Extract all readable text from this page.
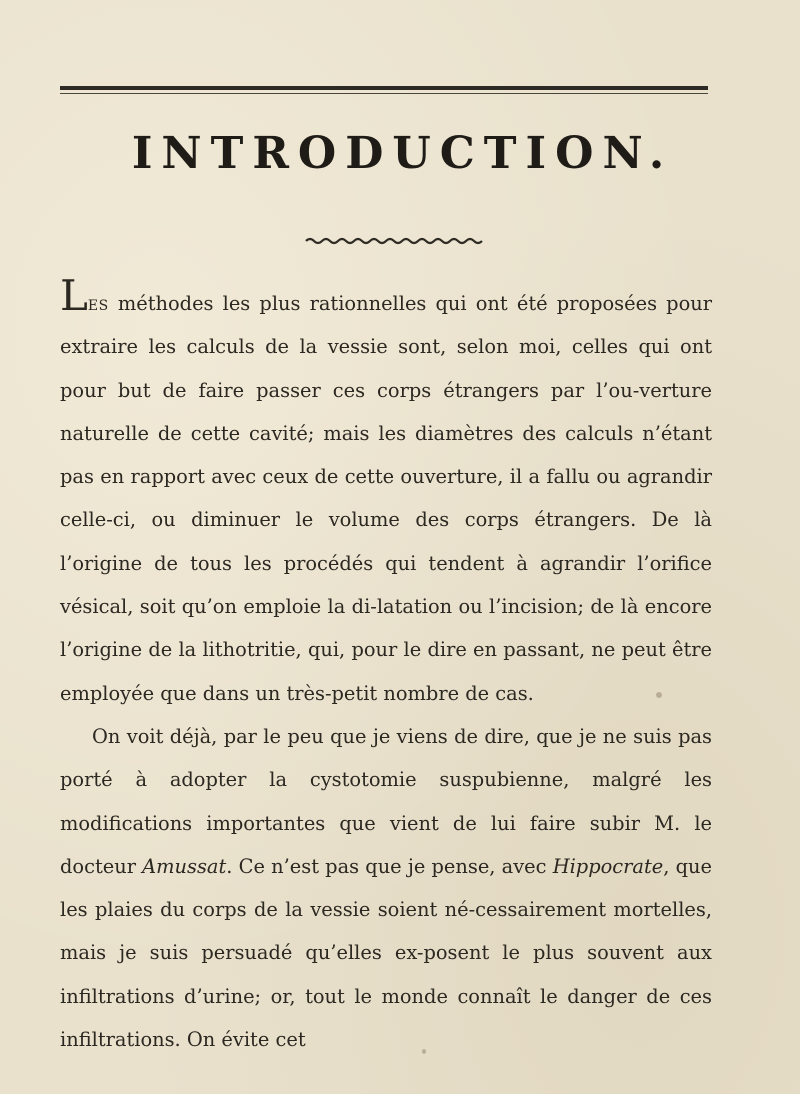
INTRODUCTION.

Les méthodes les plus rationnelles qui ont été proposées pour extraire les calculs de la vessie sont, selon moi, celles qui ont pour but de faire passer ces corps étrangers par l’ou-verture naturelle de cette cavité; mais les diamètres des calculs n’étant pas en rapport avec ceux de cette ouverture, il a fallu ou agrandir celle-ci, ou diminuer le volume des corps étrangers. De là l’origine de tous les procédés qui tendent à agrandir l’orifice vésical, soit qu’on emploie la di-latation ou l’incision; de là encore l’origine de la lithotritie, qui, pour le dire en passant, ne peut être employée que dans un très-petit nombre de cas.

On voit déjà, par le peu que je viens de dire, que je ne suis pas porté à adopter la cystotomie suspubienne, malgré les modifications importantes que vient de lui faire subir M. le docteur Amussat. Ce n’est pas que je pense, avec Hippocrate, que les plaies du corps de la vessie soient né-cessairement mortelles, mais je suis persuadé qu’elles ex-posent le plus souvent aux infiltrations d’urine; or, tout le monde connaît le danger de ces infiltrations. On évite cet
